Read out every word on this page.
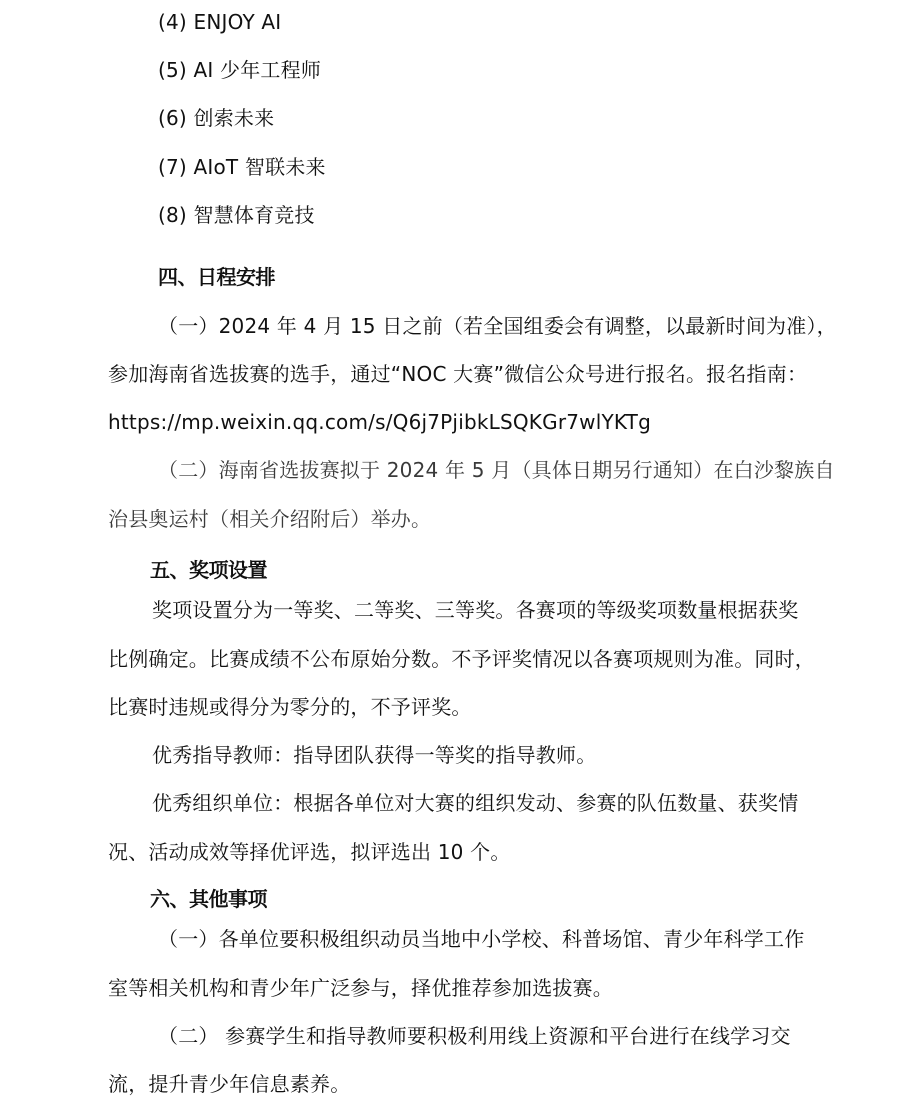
(4) ENJOY AI
(5) AI 少年工程师
(6) 创索未来
(7) AIoT 智联未来
(8) 智慧体育竞技
四、日程安排
（一）2024 年 4 月 15 日之前（若全国组委会有调整，以最新时间为准），
参加海南省选拔赛的选手，通过“NOC 大赛”微信公众号进行报名。报名指南：
https://mp.weixin.qq.com/s/Q6j7PjibkLSQKGr7wlYKTg
（二）海南省选拔赛拟于 2024 年 5 月（具体日期另行通知）在白沙黎族自
治县奥运村（相关介绍附后）举办。
五、奖项设置
奖项设置分为一等奖、二等奖、三等奖。各赛项的等级奖项数量根据获奖
比例确定。比赛成绩不公布原始分数。不予评奖情况以各赛项规则为准。同时，
比赛时违规或得分为零分的，不予评奖。
优秀指导教师：指导团队获得一等奖的指导教师。
优秀组织单位：根据各单位对大赛的组织发动、参赛的队伍数量、获奖情
况、活动成效等择优评选，拟评选出 10 个。
六、其他事项
（一）各单位要积极组织动员当地中小学校、科普场馆、青少年科学工作
室等相关机构和青少年广泛参与，择优推荐参加选拔赛。
（二） 参赛学生和指导教师要积极利用线上资源和平台进行在线学习交
流，提升青少年信息素养。
